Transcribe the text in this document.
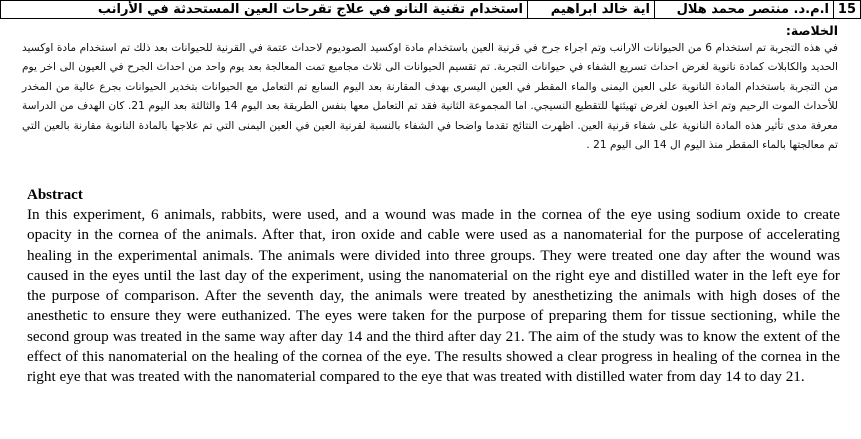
15	ا.م.د. منتصر محمد هلال	اية خالد ابراهيم	استخدام تقنية النانو في علاج تقرحات العين المستحدثة في الأرانب

الخلاصة:

في هذه التجربة تم استخدام 6 من الحيوانات الارانب وتم اجراء جرح في قرنية العين باستخدام مادة اوكسيد الصوديوم لاحداث عتمة في القرنية للحيوانات بعد ذلك تم استخدام مادة اوكسيد الحديد والكابلات كمادة نانوية لغرض احداث تسريع الشفاء في حيوانات التجربة. تم تقسيم الحيوانات الى ثلاث مجاميع تمت المعالجة بعد يوم واحد من احداث الجرح في العيون الى اخر يوم من التجربة باستخدام المادة النانوية على العين اليمنى والماء المقطر في العين اليسرى بهدف المقارنة بعد اليوم السابع تم التعامل مع الحيوانات بتخدير الحيوانات بجرع عالية من المخدر للأحداث الموت الرحيم وتم اخذ العيون لغرض تهيئتها للتقطيع النسيجي. اما المجموعة الثانية فقد تم التعامل معها بنفس الطريقة بعد اليوم 14 والثالثة بعد اليوم 21. كان الهدف من الدراسة معرفة مدى تأثير هذه المادة النانوية على شفاء قرنية العين. اظهرت النتائج تقدما واضحا في الشفاء بالنسبة لقرنية العين في العين اليمنى التي تم علاجها بالمادة النانوية مقارنة بالعين التي تم معالجتها بالماء المقطر منذ اليوم ال 14 الى اليوم 21 .

Abstract

In this experiment, 6 animals, rabbits, were used, and a wound was made in the cornea of the eye using sodium oxide to create opacity in the cornea of the animals. After that, iron oxide and cable were used as a nanomaterial for the purpose of accelerating healing in the experimental animals. The animals were divided into three groups. They were treated one day after the wound was caused in the eyes until the last day of the experiment, using the nanomaterial on the right eye and distilled water in the left eye for the purpose of comparison. After the seventh day, the animals were treated by anesthetizing the animals with high doses of the anesthetic to ensure they were euthanized. The eyes were taken for the purpose of preparing them for tissue sectioning, while the second group was treated in the same way after day 14 and the third after day 21. The aim of the study was to know the extent of the effect of this nanomaterial on the healing of the cornea of the eye. The results showed a clear progress in healing of the cornea in the right eye that was treated with the nanomaterial compared to the eye that was treated with distilled water from day 14 to day 21.
